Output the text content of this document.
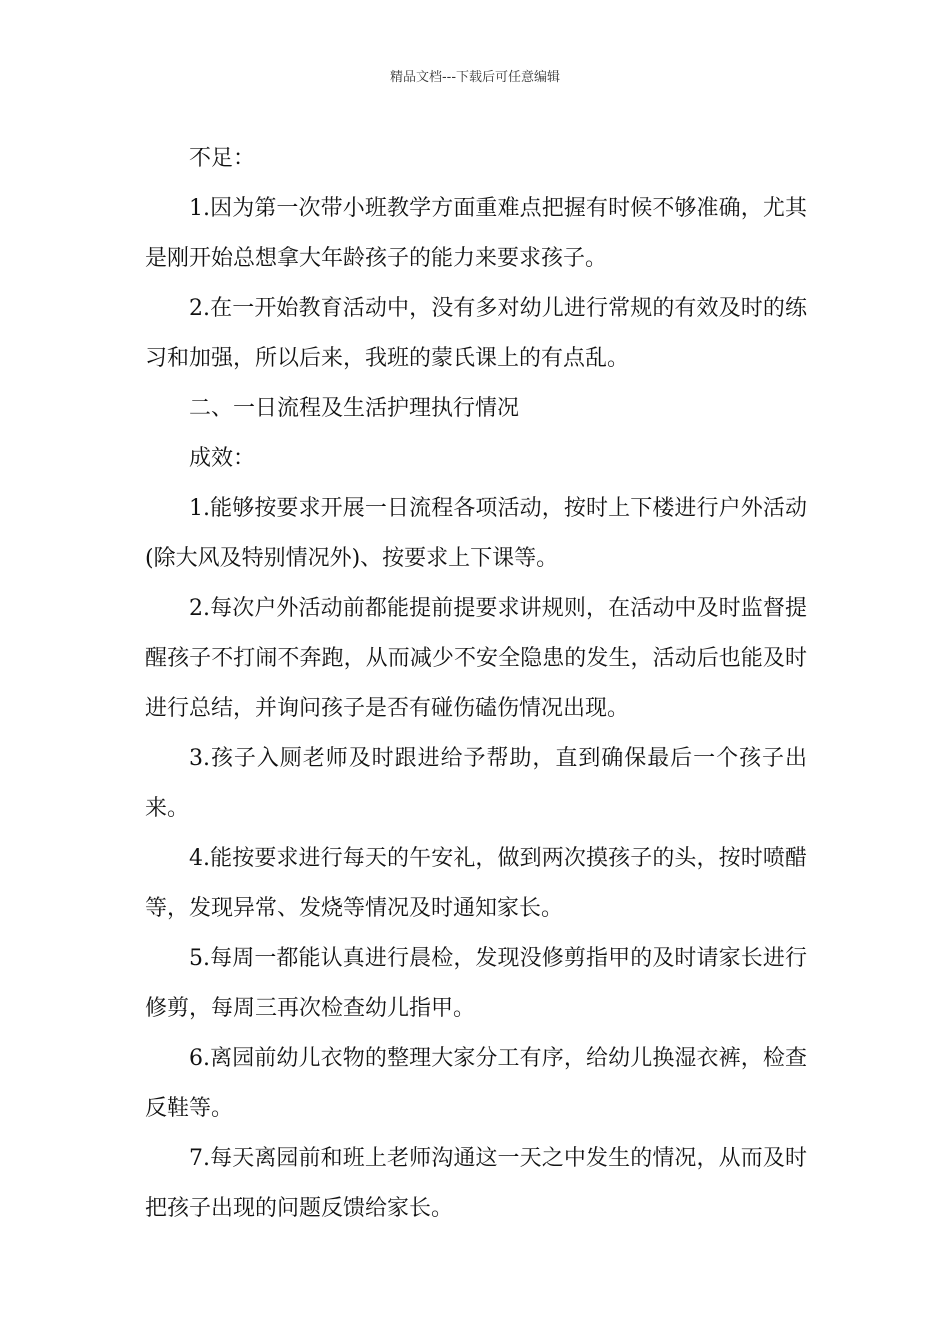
精品文档---下载后可任意编辑

不足：

1.因为第一次带小班教学方面重难点把握有时候不够准确，尤其是刚开始总想拿大年龄孩子的能力来要求孩子。

2.在一开始教育活动中，没有多对幼儿进行常规的有效及时的练习和加强，所以后来，我班的蒙氏课上的有点乱。

二、一日流程及生活护理执行情况

成效：

1.能够按要求开展一日流程各项活动，按时上下楼进行户外活动(除大风及特别情况外)、按要求上下课等。

2.每次户外活动前都能提前提要求讲规则，在活动中及时监督提醒孩子不打闹不奔跑，从而减少不安全隐患的发生，活动后也能及时进行总结，并询问孩子是否有碰伤磕伤情况出现。

3.孩子入厕老师及时跟进给予帮助，直到确保最后一个孩子出来。

4.能按要求进行每天的午安礼，做到两次摸孩子的头，按时喷醋等，发现异常、发烧等情况及时通知家长。

5.每周一都能认真进行晨检，发现没修剪指甲的及时请家长进行修剪，每周三再次检查幼儿指甲。

6.离园前幼儿衣物的整理大家分工有序，给幼儿换湿衣裤，检查反鞋等。

7.每天离园前和班上老师沟通这一天之中发生的情况，从而及时把孩子出现的问题反馈给家长。
